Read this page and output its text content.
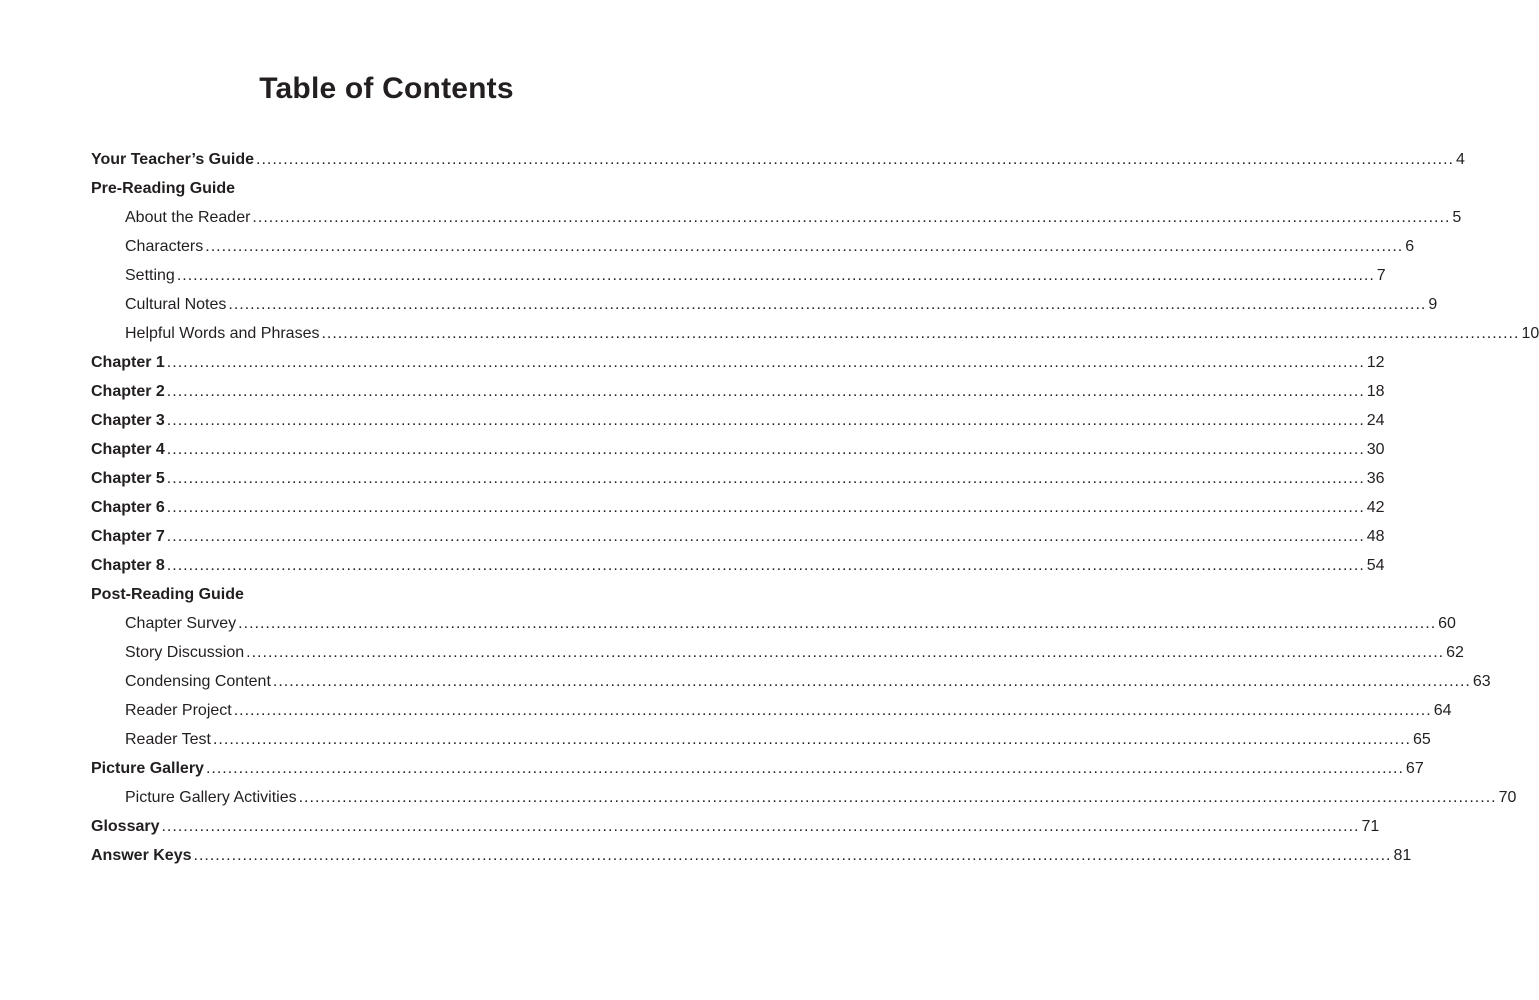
Table of Contents
Your Teacher’s Guide ............................................................................................................................................................................................................................ 4
Pre-Reading Guide
About the Reader ............................................................................................................................................................................................................................ 5
Characters ............................................................................................................................................................................................................................ 6
Setting ............................................................................................................................................................................................................................ 7
Cultural Notes ............................................................................................................................................................................................................................ 9
Helpful Words and Phrases ............................................................................................................................................................................................................................ 10
Chapter 1 ............................................................................................................................................................................................................................ 12
Chapter 2 ............................................................................................................................................................................................................................ 18
Chapter 3 ............................................................................................................................................................................................................................ 24
Chapter 4 ............................................................................................................................................................................................................................ 30
Chapter 5 ............................................................................................................................................................................................................................ 36
Chapter 6 ............................................................................................................................................................................................................................ 42
Chapter 7 ............................................................................................................................................................................................................................ 48
Chapter 8 ............................................................................................................................................................................................................................ 54
Post-Reading Guide
Chapter Survey ............................................................................................................................................................................................................................ 60
Story Discussion ............................................................................................................................................................................................................................ 62
Condensing Content ............................................................................................................................................................................................................................ 63
Reader Project ............................................................................................................................................................................................................................ 64
Reader Test ............................................................................................................................................................................................................................ 65
Picture Gallery ............................................................................................................................................................................................................................ 67
Picture Gallery Activities ............................................................................................................................................................................................................................ 70
Glossary ............................................................................................................................................................................................................................ 71
Answer Keys ............................................................................................................................................................................................................................ 81
